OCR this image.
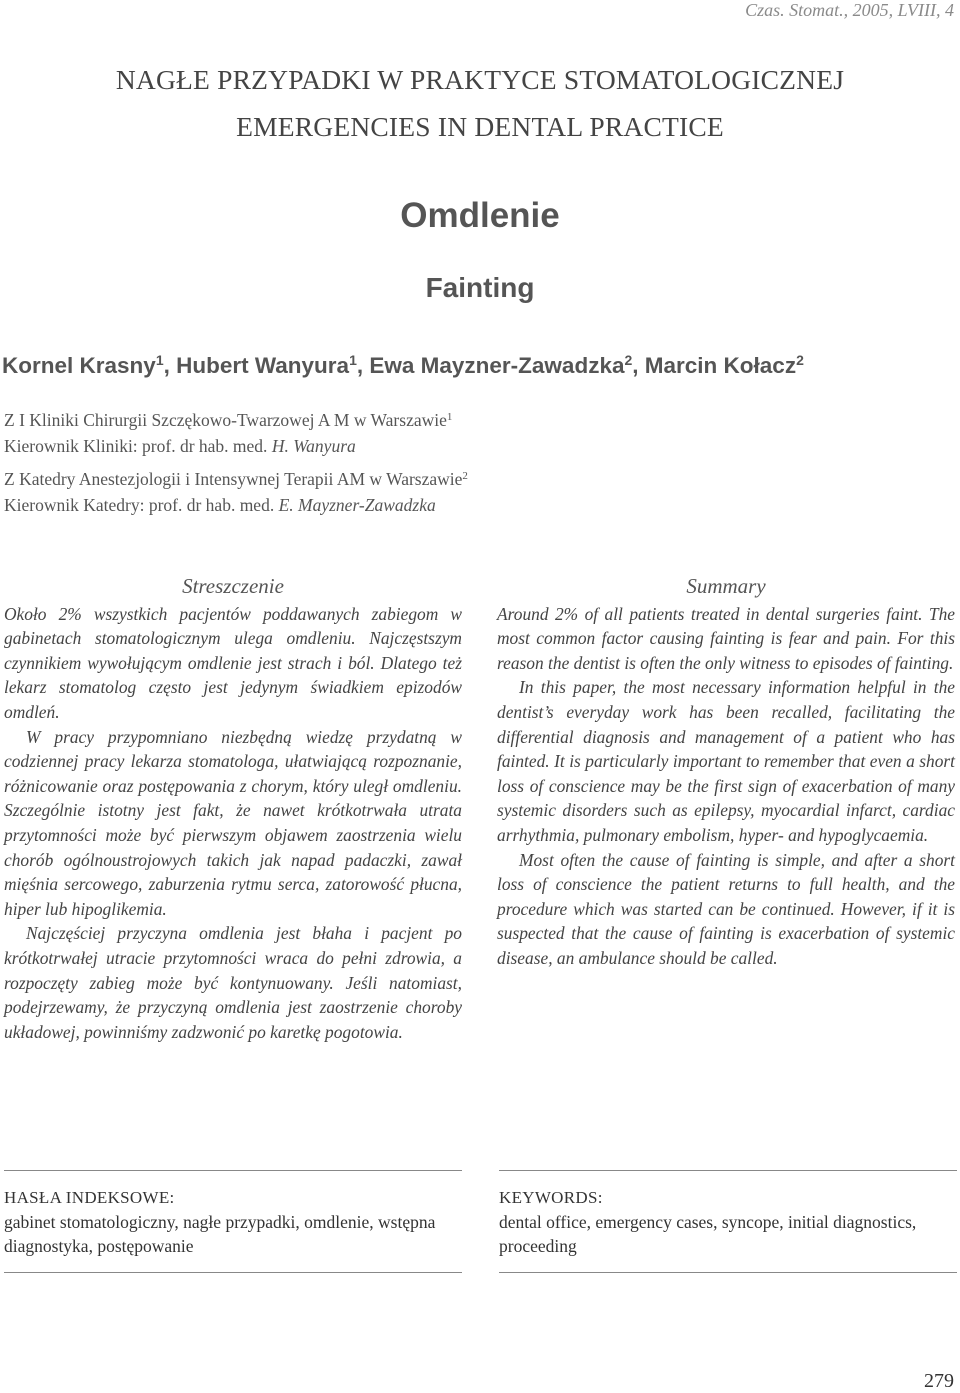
Czas. Stomat., 2005, LVIII, 4
NAGŁE PRZYPADKI W PRAKTYCE STOMATOLOGICZNEJ
EMERGENCIES IN DENTAL PRACTICE
Omdlenie
Fainting
Kornel Krasny$^1$, Hubert Wanyura$^1$, Ewa Mayzner-Zawadzka$^2$, Marcin Kołacz$^2$
Z I Kliniki Chirurgii Szczękowo-Twarzowej A M w Warszawie$^1$
Kierownik Kliniki: prof. dr hab. med. H. Wanyura
Z Katedry Anestezjologii i Intensywnej Terapii AM w Warszawie$^2$
Kierownik Katedry: prof. dr hab. med. E. Mayzner-Zawadzka
Streszczenie

Około 2% wszystkich pacjentów poddawanych zabiegom w gabinetach stomatologicznym ulega omdleniu. Najczęstszym czynnikiem wywołującym omdlenie jest strach i ból. Dlatego też lekarz stomatolog często jest jedynym świadkiem epizodów omdleń.

W pracy przypomniano niezbędną wiedzę przydatną w codziennej pracy lekarza stomatologa, ułatwiającą rozpoznanie, różnicowanie oraz postępowania z chorym, który uległ omdleniu. Szczególnie istotny jest fakt, że nawet krótkotrwała utrata przytomności może być pierwszym objawem zaostrzenia wielu chorób ogólnoustrojowych takich jak napad padaczki, zawał mięśnia sercowego, zaburzenia rytmu serca, zatorowość płucna, hiper lub hipoglikemia.

Najczęściej przyczyna omdlenia jest błaha i pacjent po krótkotrwałej utracie przytomności wraca do pełni zdrowia, a rozpoczęty zabieg może być kontynuowany. Jeśli natomiast, podejrzewamy, że przyczyną omdlenia jest zaostrzenie choroby układowej, powinniśmy zadzwonić po karetkę pogotowia.

Summary

Around 2% of all patients treated in dental surgeries faint. The most common factor causing fainting is fear and pain. For this reason the dentist is often the only witness to episodes of fainting.

In this paper, the most necessary information helpful in the dentist’s everyday work has been recalled, facilitating the differential diagnosis and management of a patient who has fainted. It is particularly important to remember that even a short loss of conscience may be the first sign of exacerbation of many systemic disorders such as epilepsy, myocardial infarct, cardiac arrhythmia, pulmonary embolism, hyper- and hypoglycaemia.

Most often the cause of fainting is simple, and after a short loss of conscience the patient returns to full health, and the procedure which was started can be continued. However, if it is suspected that the cause of fainting is exacerbation of systemic disease, an ambulance should be called.

HASŁA INDEKSOWE:
gabinet stomatologiczny, nagłe przypadki, omdlenie, wstępna diagnostyka, postępowanie
KEYWORDS:
dental office, emergency cases, syncope, initial diagnostics, proceeding
279
